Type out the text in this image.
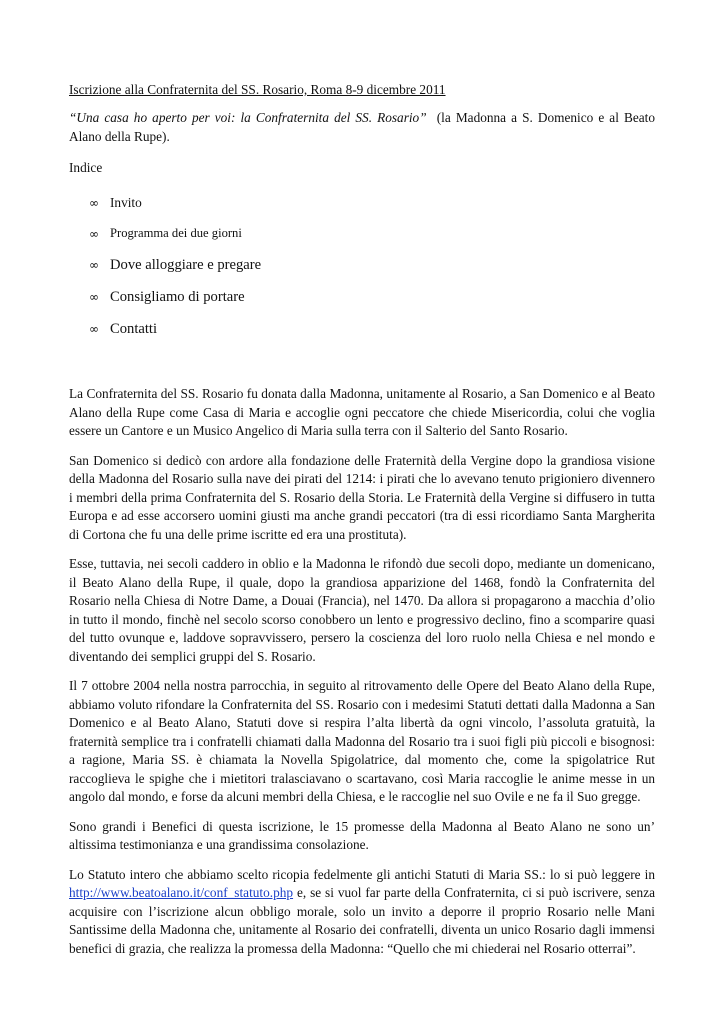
Iscrizione alla Confraternita del SS. Rosario, Roma 8-9 dicembre 2011

“Una casa ho aperto per voi: la Confraternita del SS. Rosario” (la Madonna a S. Domenico e al Beato Alano della Rupe).

Indice
∞ Invito
∞ Programma dei due giorni
∞ Dove alloggiare e pregare
∞ Consigliamo di portare
∞ Contatti

La Confraternita del SS. Rosario fu donata dalla Madonna, unitamente al Rosario, a San Domenico e al Beato Alano della Rupe come Casa di Maria e accoglie ogni peccatore che chiede Misericordia, colui che voglia essere un Cantore e un Musico Angelico di Maria sulla terra con il Salterio del Santo Rosario.

San Domenico si dedicò con ardore alla fondazione delle Fraternità della Vergine dopo la grandiosa visione della Madonna del Rosario sulla nave dei pirati del 1214: i pirati che lo avevano tenuto prigioniero divennero i membri della prima Confraternita del S. Rosario della Storia. Le Fraternità della Vergine si diffusero in tutta Europa e ad esse accorsero uomini giusti ma anche grandi peccatori (tra di essi ricordiamo Santa Margherita di Cortona che fu una delle prime iscritte ed era una prostituta).

Esse, tuttavia, nei secoli caddero in oblio e la Madonna le rifondò due secoli dopo, mediante un domenicano, il Beato Alano della Rupe, il quale, dopo la grandiosa apparizione del 1468, fondò la Confraternita del Rosario nella Chiesa di Notre Dame, a Douai (Francia), nel 1470. Da allora si propagarono a macchia d’olio in tutto il mondo, finchè nel secolo scorso conobbero un lento e progressivo declino, fino a scomparire quasi del tutto ovunque e, laddove sopravvissero, persero la coscienza del loro ruolo nella Chiesa e nel mondo e diventando dei semplici gruppi del S. Rosario.

Il 7 ottobre 2004 nella nostra parrocchia, in seguito al ritrovamento delle Opere del Beato Alano della Rupe, abbiamo voluto rifondare la Confraternita del SS. Rosario con i medesimi Statuti dettati dalla Madonna a San Domenico e al Beato Alano, Statuti dove si respira l’alta libertà da ogni vincolo, l’assoluta gratuità, la fraternità semplice tra i confratelli chiamati dalla Madonna del Rosario tra i suoi figli più piccoli e bisognosi: a ragione, Maria SS. è chiamata la Novella Spigolatrice, dal momento che, come la spigolatrice Rut raccoglieva le spighe che i mietitori tralasciavano o scartavano, così Maria raccoglie le anime messe in un angolo dal mondo, e forse da alcuni membri della Chiesa, e le raccoglie nel suo Ovile e ne fa il Suo gregge.

Sono grandi i Benefici di questa iscrizione, le 15 promesse della Madonna al Beato Alano ne sono un’ altissima testimonianza e una grandissima consolazione.

Lo Statuto intero che abbiamo scelto ricopia fedelmente gli antichi Statuti di Maria SS.: lo si può leggere in http://www.beatoalano.it/conf_statuto.php e, se si vuol far parte della Confraternita, ci si può iscrivere, senza acquisire con l’iscrizione alcun obbligo morale, solo un invito a deporre il proprio Rosario nelle Mani Santissime della Madonna che, unitamente al Rosario dei confratelli, diventa un unico Rosario dagli immensi benefici di grazia, che realizza la promessa della Madonna: “Quello che mi chiederai nel Rosario otterrai”.
